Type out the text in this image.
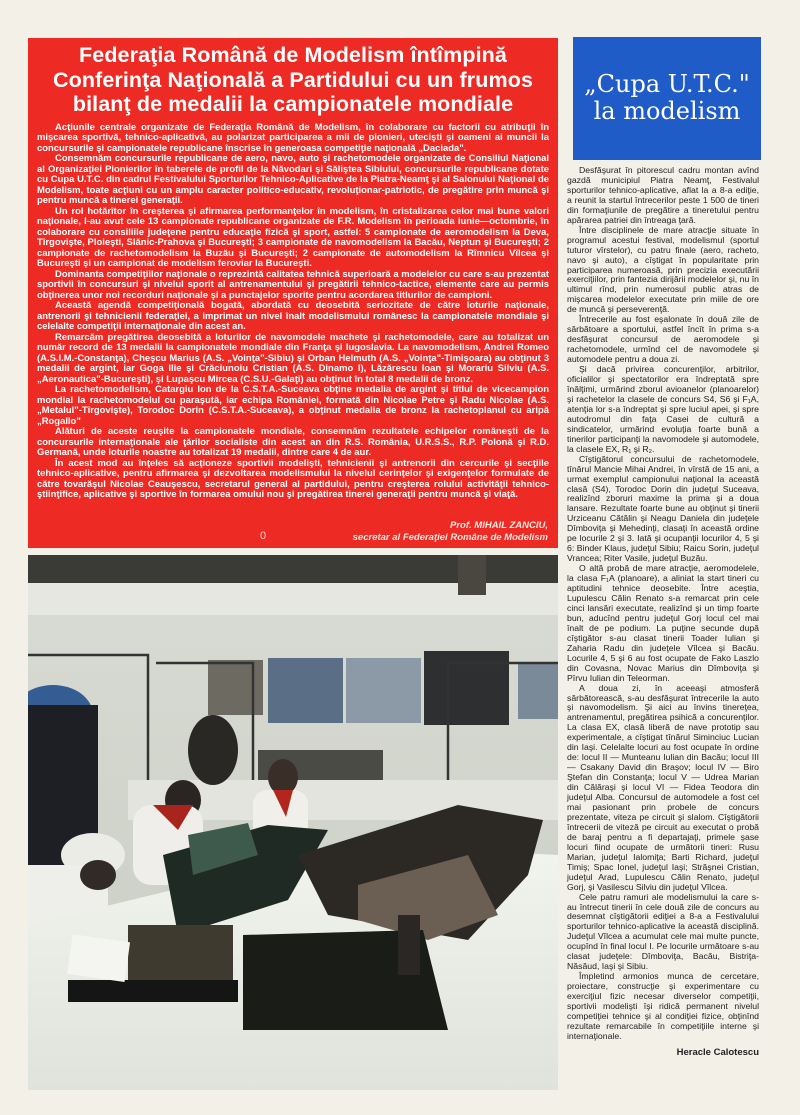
Federaţia Română de Modelism întîmpină Conferinţa Naţională a Partidului cu un frumos bilanţ de medalii la campionatele mondiale

Acţiunile centrale organizate de Federaţia Română de Modelism, în colaborare cu factorii cu atribuţii în mişcarea sportivă, tehnico-aplicativă, au polarizat participarea a mii de pionieri, utecişti şi oameni ai muncii la concursurile şi campionatele republicane înscrise în generoasa competiţie naţională „Daciada".

Consemnăm concursurile republicane de aero, navo, auto şi rachetomodele organizate de Consiliul Naţional al Organizaţiei Pionierilor în taberele de profil de la Năvodari şi Săliştea Sibiului, concursurile republicane dotate cu Cupa U.T.C. din cadrul Festivalului Sporturilor Tehnico-Aplicative de la Piatra-Neamţ şi al Salonului Naţional de Modelism, toate acţiuni cu un amplu caracter politico-educativ, revoluţionar-patriotic, de pregătire prin muncă şi pentru muncă a tinerei generaţii.

Un rol hotărîtor în creşterea şi afirmarea performanţelor în modelism, în cristalizarea celor mai bune valori naţionale, l-au avut cele 13 campionate republicane organizate de F.R. Modelism în perioada iunie—octombrie, în colaborare cu consiliile judeţene pentru educaţie fizică şi sport, astfel: 5 campionate de aeromodelism la Deva, Tîrgovişte, Ploieşti, Slănic-Prahova şi Bucureşti; 3 campionate de navomodelism la Bacău, Neptun şi Bucureşti; 2 campionate de rachetomodelism la Buzău şi Bucureşti; 2 campionate de automodelism la Rîmnicu Vîlcea şi Bucureşti şi un campionat de modelism feroviar la Bucureşti.

Dominanta competiţiilor naţionale o reprezintă calitatea tehnică superioară a modelelor cu care s-au prezentat sportivii în concursuri şi nivelul sporit al antrenamentului şi pregătirii tehnico-tactice, elemente care au permis obţinerea unor noi recorduri naţionale şi a punctajelor sporite pentru acordarea titlurilor de campioni.

Această agendă competiţională bogată, abordată cu deosebită seriozitate de către loturile naţionale, antrenorii şi tehnicienii federaţiei, a imprimat un nivel înalt modelismului românesc la campionatele mondiale şi celelalte competiţii internaţionale din acest an.

Remarcăm pregătirea deosebită a loturilor de navomodele machete şi rachetomodele, care au totalizat un număr record de 13 medalii la campionatele mondiale din Franţa şi Iugoslavia. La navomodelism, Andrei Romeo (A.S.I.M.-Constanţa), Cheşcu Marius (A.S. „Voinţa"-Sibiu) şi Orban Helmuth (A.S. „Voinţa"-Timişoara) au obţinut 3 medalii de argint, iar Goga Ilie şi Crăciunoiu Cristian (A.S. Dinamo I), Lăzărescu Ioan şi Morariu Silviu (A.S. „Aeronautica"-Bucureşti), şi Lupaşcu Mircea (C.S.U.-Galaţi) au obţinut în total 8 medalii de bronz.

La rachetomodelism, Catargiu Ion de la C.S.T.A.-Suceava obţine medalia de argint şi titlul de vicecampion mondial la rachetomodelul cu paraşută, iar echipa României, formată din Nicolae Petre şi Radu Nicolae (A.S. „Metalul"-Tîrgovişte), Torodoc Dorin (C.S.T.A.-Suceava), a obţinut medalia de bronz la rachetoplanul cu aripă „Rogallo"

Alături de aceste reuşite la campionatele mondiale, consemnăm rezultatele echipelor româneşti de la concursurile internaţionale ale ţărilor socialiste din acest an din R.S. România, U.R.S.S., R.P. Polonă şi R.D. Germană, unde loturile noastre au totalizat 19 medalii, dintre care 4 de aur.

În acest mod au înţeles să acţioneze sportivii modelişti, tehnicienii şi antrenorii din cercurile şi secţiile tehnico-aplicative, pentru afirmarea şi dezvoltarea modelismului la nivelul cerinţelor şi exigenţelor formulate de către tovarăşul Nicolae Ceauşescu, secretarul general al partidului, pentru creşterea rolului activităţii tehnico-ştiinţifice, aplicative şi sportive în formarea omului nou şi pregătirea tinerei generaţii pentru muncă şi viaţă.

0
Prof. MIHAIL ZANCIU,
secretar al Federaţiei Române de Modelism
„Cupa U.T.C."
la modelism

Desfăşurat în pitorescul cadru montan avînd gazdă municipiul Piatra Neamţ, Festivalul sporturilor tehnico-aplicative, aflat la a 8-a ediţie, a reunit la startul întrecerilor peste 1 500 de tineri din formaţiunile de pregătire a tineretului pentru apărarea patriei din întreaga ţară.

Între disciplinele de mare atracţie situate în programul acestui festival, modelismul (sportul tuturor vîrstelor), cu patru finale (aero, racheto, navo şi auto), a cîştigat în popularitate prin participarea numeroasă, prin precizia executării exerciţiilor, prin fantezia dirijării modelelor şi, nu în ultimul rînd, prin numerosul public atras de mişcarea modelelor executate prin miile de ore de muncă şi perseverenţă.

Întrecerile au fost eşalonate în două zile de sărbătoare a sportului, astfel încît în prima s-a desfăşurat concursul de aeromodele şi rachetomodele, urmînd cel de navomodele şi automodele pentru a doua zi.

Şi dacă privirea concurenţilor, arbitrilor, oficialilor şi spectatorilor era îndreptată spre înălţimi, urmărind zborul avioanelor (planoarelor) şi rachetelor la clasele de concurs S4, S6 şi F₁A, atenţia lor s-a îndreptat şi spre luciul apei, şi spre autodromul din faţa Casei de cultură a sindicatelor, urmărind evoluţia foarte bună a tinerilor participanţi la navomodele şi automodele, la clasele EX, R₁ şi R₂.

Cîştigătorul concursului de rachetomodele, tînărul Mancie Mihai Andrei, în vîrstă de 15 ani, a urmat exemplul campionului naţional la această clasă (S4), Torodoc Dorin din judeţul Suceava, realizînd zboruri maxime la prima şi a doua lansare. Rezultate foarte bune au obţinut şi tinerii Urziceanu Cătălin şi Neagu Daniela din judeţele Dîmboviţa şi Mehedinţi, clasaţi în această ordine pe locurile 2 şi 3. Iată şi ocupanţii locurilor 4, 5 şi 6: Binder Klaus, judeţul Sibiu; Raicu Sorin, judeţul Vrancea; Riter Vasile, judeţul Buzău.

O altă probă de mare atracţie, aeromodelele, la clasa F₁A (planoare), a aliniat la start tineri cu aptitudini tehnice deosebite. Între aceştia, Lupulescu Călin Renato s-a remarcat prin cele cinci lansări executate, realizînd şi un timp foarte bun, aducînd pentru judeţul Gorj locul cel mai înalt de pe podium. La puţine secunde după cîştigător s-au clasat tinerii Toader Iulian şi Zaharia Radu din judeţele Vîlcea şi Bacău. Locurile 4, 5 şi 6 au fost ocupate de Fako Laszlo din Covasna, Novac Marius din Dîmboviţa şi Pîrvu Iulian din Teleorman.

A doua zi, în aceeaşi atmosferă sărbătorească, s-au desfăşurat întrecerile la auto şi navomodelism. Şi aici au învins tinereţea, antrenamentul, pregătirea psihică a concurenţilor. La clasa EX, clasă liberă de nave prototip sau experimentale, a cîştigat tînărul Siminciuc Lucian din Iaşi. Celelalte locuri au fost ocupate în ordine de: locul II — Munteanu Iulian din Bacău; locul III — Csakany David din Braşov; locul IV — Biro Ştefan din Constanţa; locul V — Udrea Marian din Călăraşi şi locul VI — Fidea Teodora din judeţul Alba. Concursul de automodele a fost cel mai pasionant prin probele de concurs prezentate, viteza pe circuit şi slalom. Cîştigătorii întrecerii de viteză pe circuit au executat o probă de baraj pentru a fi departajaţi, primele şase locuri fiind ocupate de următorii tineri: Rusu Marian, judeţul Ialomiţa; Barti Richard, judeţul Timiş; Spac Ionel, judeţul Iaşi; Străşnei Cristian, judeţul Arad, Lupulescu Călin Renato, judeţul Gorj, şi Vasilescu Silviu din judeţul Vîlcea.

Cele patru ramuri ale modelismului la care s-au întrecut tinerii în cele două zile de concurs au desemnat cîştigătorii ediţiei a 8-a a Festivalului sporturilor tehnico-aplicative la această disciplină. Judeţul Vîlcea a acumulat cele mai multe puncte, ocupînd în final locul I. Pe locurile următoare s-au clasat judeţele: Dîmboviţa, Bacău, Bistriţa-Năsăud, Iaşi şi Sibiu.

Împletind armonios munca de cercetare, proiectare, construcţie şi experimentare cu exerciţiul fizic necesar diverselor competiţii, sportivii modelişti îşi ridică permanent nivelul competiţiei tehnice şi al condiţiei fizice, obţinînd rezultate remarcabile în competiţiile interne şi internaţionale.

Heracle Calotescu
